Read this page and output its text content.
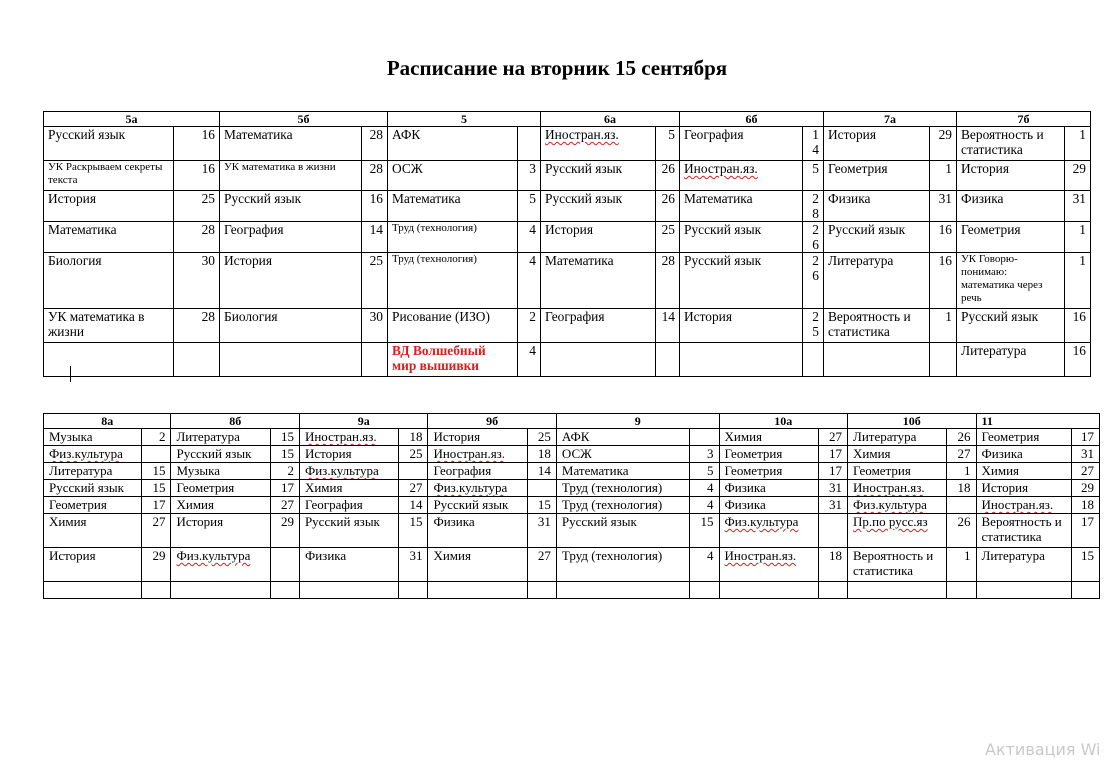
Расписание на вторник 15 сентября
5а		5б		5		6а		6б		7а		7б	
Русский язык	16	Математика	28	АФК		Иностран.яз.	5	География	14	История	29	Вероятность и статистика	1
УК Раскрываем секреты текста	16	УК математика в жизни	28	ОСЖ	3	Русский язык	26	Иностран.яз.	5	Геометрия	1	История	29
История	25	Русский язык	16	Математика	5	Русский язык	26	Математика	28	Физика	31	Физика	31
Математика	28	География	14	Труд (технология)	4	История	25	Русский язык	26	Русский язык	16	Геометрия	1
Биология	30	История	25	Труд (технология)	4	Математика	28	Русский язык	26	Литература	16	УК Говорю- понимаю: математика через речь	1
УК математика в жизни	28	Биология	30	Рисование (ИЗО)	2	География	14	История	25	Вероятность и статистика	1	Русский язык	16
				ВД Волшебный мир вышивки	4							Литература	16
8а		8б		9а		9б		9		10а		10б		11	
Музыка	2	Литература	15	Иностран.яз.	18	История	25	АФК		Химия	27	Литература	26	Геометрия	17
Физ.культура		Русский язык	15	История	25	Иностран.яз.	18	ОСЖ	3	Геометрия	17	Химия	27	Физика	31
Литература	15	Музыка	2	Физ.культура		География	14	Математика	5	Геометрия	17	Геометрия	1	Химия	27
Русский язык	15	Геометрия	17	Химия	27	Физ.культура		Труд (технология)	4	Физика	31	Иностран.яз.	18	История	29
Геометрия	17	Химия	27	География	14	Русский язык	15	Труд (технология)	4	Физика	31	Физ.культура		Иностран.яз.	18
Химия	27	История	29	Русский язык	15	Физика	31	Русский язык	15	Физ.культура		Пр.по русс.яз	26	Вероятность и статистика	17
История	29	Физ.культура		Физика	31	Химия	27	Труд (технология)	4	Иностран.яз.	18	Вероятность и статистика	1	Литература	15

Активация Wi
